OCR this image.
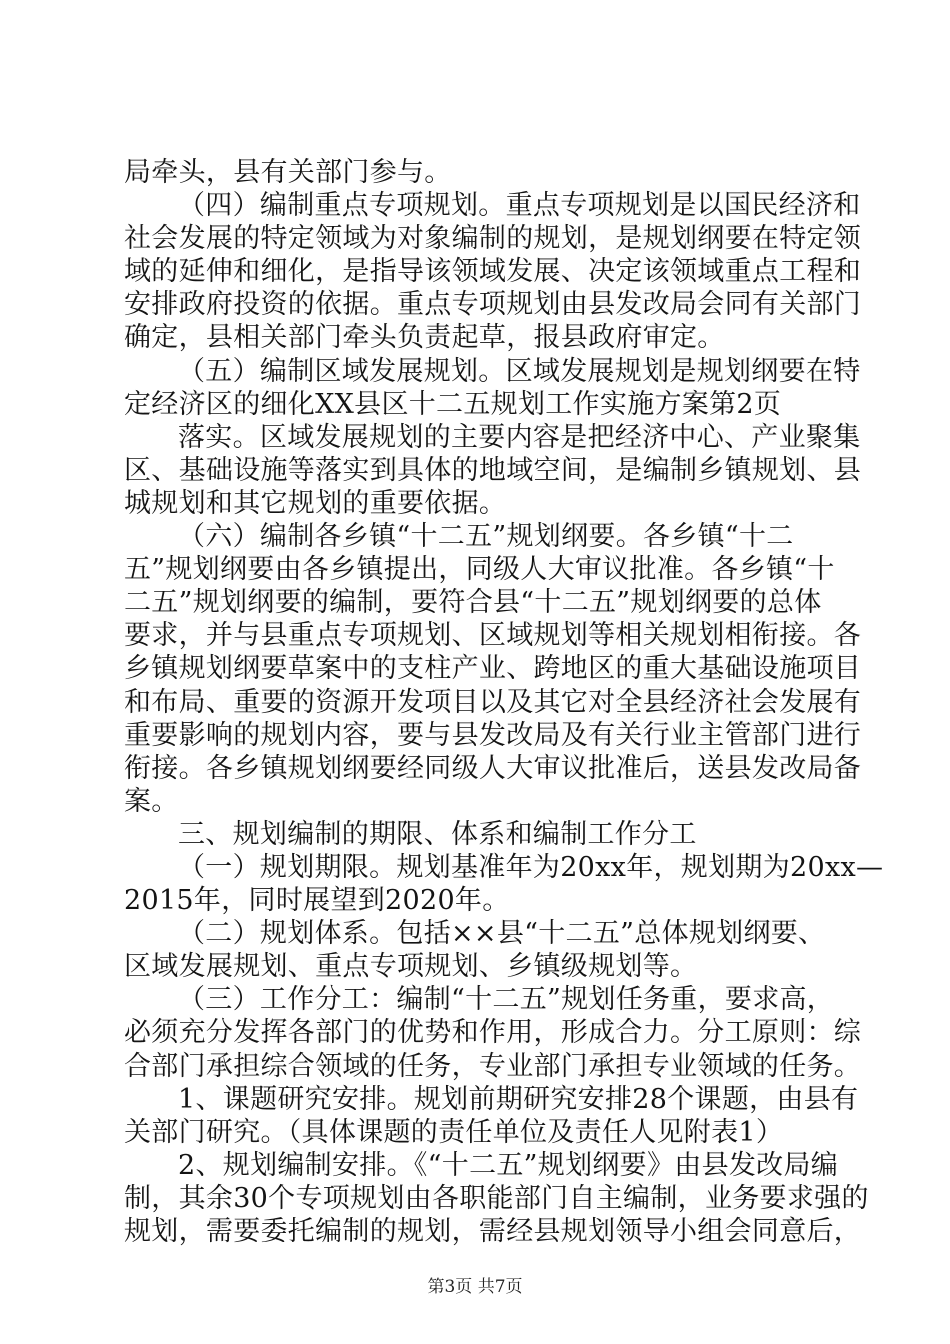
局牵头，县有关部门参与。
（四）编制重点专项规划。重点专项规划是以国民经济和
社会发展的特定领域为对象编制的规划，是规划纲要在特定领
域的延伸和细化，是指导该领域发展、决定该领域重点工程和
安排政府投资的依据。重点专项规划由县发改局会同有关部门
确定，县相关部门牵头负责起草，报县政府审定。
（五）编制区域发展规划。区域发展规划是规划纲要在特
定经济区的细化XX县区十二五规划工作实施方案第2页
落实。区域发展规划的主要内容是把经济中心、产业聚集
区、基础设施等落实到具体的地域空间，是编制乡镇规划、县
城规划和其它规划的重要依据。
（六）编制各乡镇“十二五”规划纲要。各乡镇“十二
五”规划纲要由各乡镇提出，同级人大审议批准。各乡镇“十
二五”规划纲要的编制，要符合县“十二五”规划纲要的总体
要求，并与县重点专项规划、区域规划等相关规划相衔接。各
乡镇规划纲要草案中的支柱产业、跨地区的重大基础设施项目
和布局、重要的资源开发项目以及其它对全县经济社会发展有
重要影响的规划内容，要与县发改局及有关行业主管部门进行
衔接。各乡镇规划纲要经同级人大审议批准后，送县发改局备
案。
三、规划编制的期限、体系和编制工作分工
（一）规划期限。规划基准年为20xx年，规划期为20xx—
2015年，同时展望到2020年。
（二）规划体系。包括××县“十二五”总体规划纲要、
区域发展规划、重点专项规划、乡镇级规划等。
（三）工作分工：编制“十二五”规划任务重，要求高，
必须充分发挥各部门的优势和作用，形成合力。分工原则：综
合部门承担综合领域的任务，专业部门承担专业领域的任务。
1、课题研究安排。规划前期研究安排28个课题，由县有
关部门研究。（具体课题的责任单位及责任人见附表1）
2、规划编制安排。《“十二五”规划纲要》由县发改局编
制，其余30个专项规划由各职能部门自主编制，业务要求强的
规划，需要委托编制的规划，需经县规划领导小组会同意后，
第3页 共7页
